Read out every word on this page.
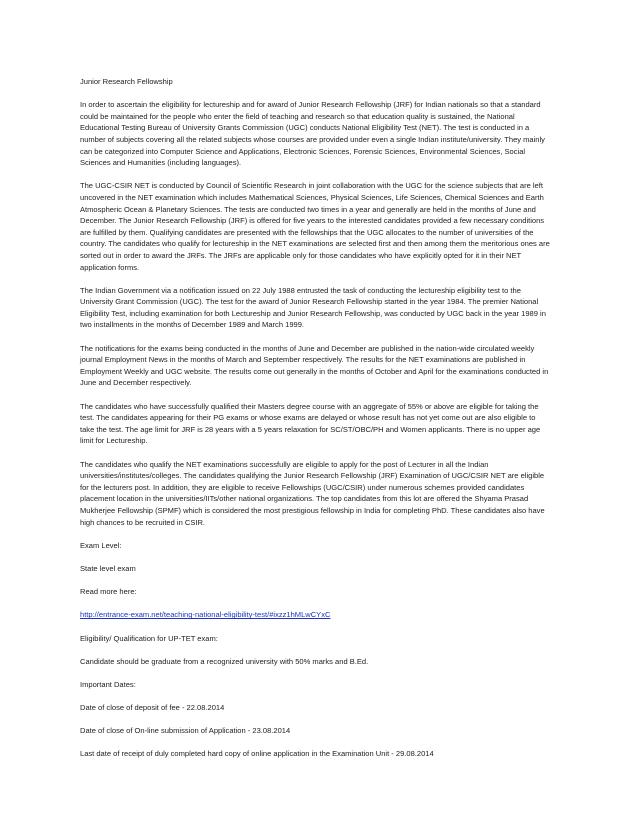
Junior Research Fellowship

In order to ascertain the eligibility for lectureship and for award of Junior Research Fellowship (JRF) for Indian nationals so that a standard could be maintained for the people who enter the field of teaching and research so that education quality is sustained, the National Educational Testing Bureau of University Grants Commission (UGC) conducts National Eligibility Test (NET). The test is conducted in a number of subjects covering all the related subjects whose courses are provided under even a single Indian institute/university. They mainly can be categorized into Computer Science and Applications, Electronic Sciences, Forensic Sciences, Environmental Sciences, Social Sciences and Humanities (including languages).

The UGC-CSIR NET is conducted by Council of Scientific Research in joint collaboration with the UGC for the science subjects that are left uncovered in the NET examination which includes Mathematical Sciences, Physical Sciences, Life Sciences, Chemical Sciences and Earth Atmospheric Ocean & Planetary Sciences. The tests are conducted two times in a year and generally are held in the months of June and December. The Junior Research Fellowship (JRF) is offered for five years to the interested candidates provided a few necessary conditions are fulfilled by them. Qualifying candidates are presented with the fellowships that the UGC allocates to the number of universities of the country. The candidates who qualify for lectureship in the NET examinations are selected first and then among them the meritorious ones are sorted out in order to award the JRFs. The JRFs are applicable only for those candidates who have explicitly opted for it in their NET application forms.

The Indian Government via a notification issued on 22 July 1988 entrusted the task of conducting the lectureship eligibility test to the University Grant Commission (UGC). The test for the award of Junior Research Fellowship started in the year 1984. The premier National Eligibility Test, including examination for both Lectureship and Junior Research Fellowship, was conducted by UGC back in the year 1989 in two installments in the months of December 1989 and March 1999.

The notifications for the exams being conducted in the months of June and December are published in the nation-wide circulated weekly journal Employment News in the months of March and September respectively. The results for the NET examinations are published in Employment Weekly and UGC website. The results come out generally in the months of October and April for the examinations conducted in June and December respectively.

The candidates who have successfully qualified their Masters degree course with an aggregate of 55% or above are eligible for taking the test. The candidates appearing for their PG exams or whose exams are delayed or whose result has not yet come out are also eligible to take the test. The age limit for JRF is 28 years with a 5 years relaxation for SC/ST/OBC/PH and Women applicants. There is no upper age limit for Lectureship.

The candidates who qualify the NET examinations successfully are eligible to apply for the post of Lecturer in all the Indian universities/institutes/colleges. The candidates qualifying the Junior Research Fellowship (JRF) Examination of UGC/CSIR NET are eligible for the lecturers post. In addition, they are eligible to receive Fellowships (UGC/CSIR) under numerous schemes provided candidates placement location in the universities/IITs/other national organizations. The top candidates from this lot are offered the Shyama Prasad Mukherjee Fellowship (SPMF) which is considered the most prestigious fellowship in India for completing PhD. These candidates also have high chances to be recruited in CSIR.

Exam Level:

State level exam

Read more here:

http://entrance-exam.net/teaching-national-eligibility-test/#ixzz1hMLwCYxC

Eligibility/ Qualification for UP-TET exam:

Candidate should be graduate from a recognized university with 50% marks and B.Ed.

Important Dates:

Date of close of deposit of fee - 22.08.2014

Date of close of On-line submission of Application - 23.08.2014

Last date of receipt of duly completed hard copy of online application in the Examination Unit - 29.08.2014
